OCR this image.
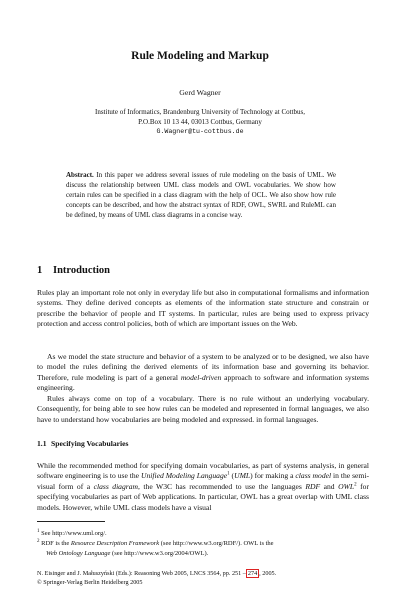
Rule Modeling and Markup
Gerd Wagner
Institute of Informatics, Brandenburg University of Technology at Cottbus,
P.O.Box 10 13 44, 03013 Cottbus, Germany
G.Wagner@tu-cottbus.de
Abstract. In this paper we address several issues of rule modeling on the basis of UML. We discuss the relationship between UML class models and OWL vocabularies. We show how certain rules can be specified in a class diagram with the help of OCL. We also show how rule concepts can be described, and how the abstract syntax of RDF, OWL, SWRL and RuleML can be defined, by means of UML class diagrams in a concise way.
1 Introduction
Rules play an important role not only in everyday life but also in computational formalisms and information systems. They define derived concepts as elements of the information state structure and constrain or prescribe the behavior of people and IT systems. In particular, rules are being used to express privacy protection and access control policies, both of which are important issues on the Web.
As we model the state structure and behavior of a system to be analyzed or to be designed, we also have to model the rules defining the derived elements of its information base and governing its behavior. Therefore, rule modeling is part of a general model-driven approach to software and information systems engineering.
Rules always come on top of a vocabulary. There is no rule without an underlying vocabulary. Consequently, for being able to see how rules can be modeled and represented in formal languages, we also have to understand how vocabularies are being modeled and expressed. in formal languages.
1.1 Specifying Vocabularies
While the recommended method for specifying domain vocabularies, as part of systems analysis, in general software engineering is to use the Unified Modeling Language$^1$ (UML) for making a class model in the semi-visual form of a class diagram, the W3C has recommended to use the languages RDF and OWL$^2$ for specifying vocabularies as part of Web applications. In particular, OWL has a great overlap with UML class models. However, while UML class models have a visual
$^1$ See http://www.uml.org/.
$^2$ RDF is the Resource Description Framework (see http://www.w3.org/RDF/). OWL is the
Web Ontology Language (see http://www.w3.org/2004/OWL).
N. Eisinger and J. Małuszyński (Eds.): Reasoning Web 2005, LNCS 3564, pp. 251 – 274 , 2005.
© Springer-Verlag Berlin Heidelberg 2005
